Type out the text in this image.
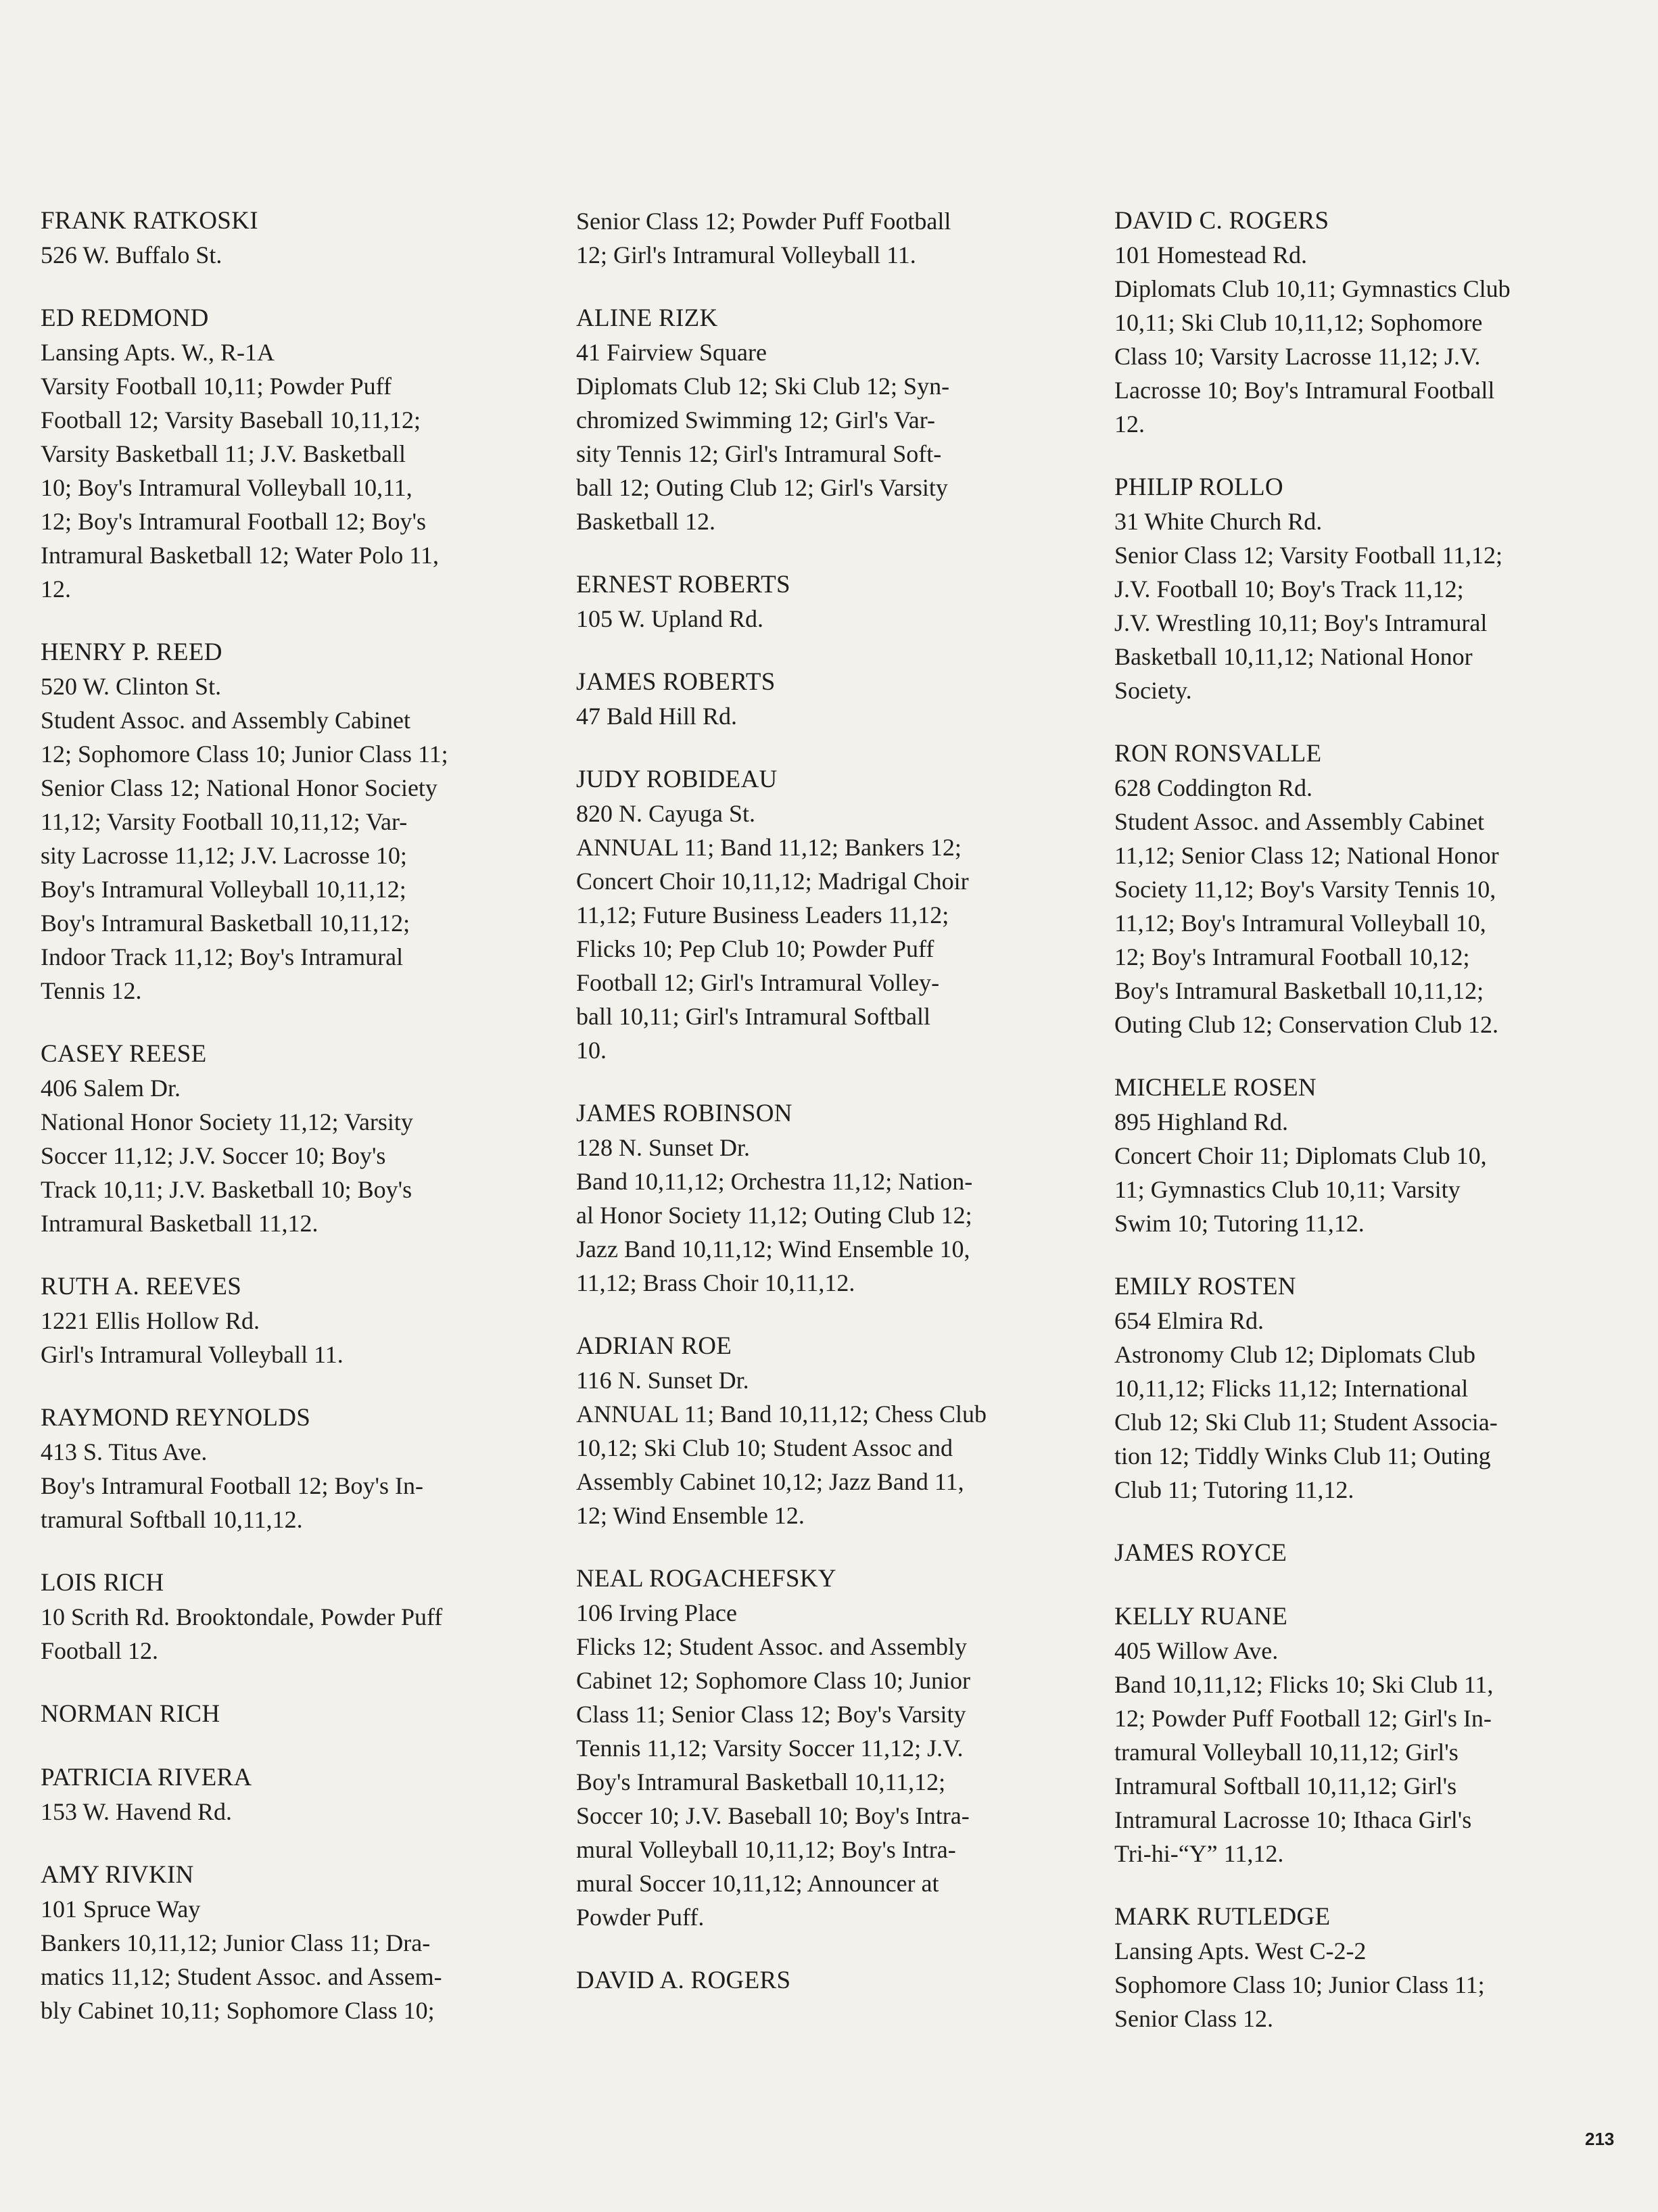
FRANK RATKOSKI

526 W. Buffalo St.

ED REDMOND

Lansing Apts. W., R-1A

Varsity Football 10,11; Powder Puff
Football 12; Varsity Baseball 10,11,12;
Varsity Basketball 11; J.V. Basketball
10; Boy's Intramural Volleyball 10,11,
12; Boy's Intramural Football 12; Boy's
Intramural Basketball 12; Water Polo 11,
12.

HENRY P. REED

520 W. Clinton St.

Student Assoc. and Assembly Cabinet
12; Sophomore Class 10; Junior Class 11;
Senior Class 12; National Honor Society
11,12; Varsity Football 10,11,12; Var-
sity Lacrosse 11,12; J.V. Lacrosse 10;
Boy's Intramural Volleyball 10,11,12;
Boy's Intramural Basketball 10,11,12;
Indoor Track 11,12; Boy's Intramural
Tennis 12.

CASEY REESE

406 Salem Dr.

National Honor Society 11,12; Varsity
Soccer 11,12; J.V. Soccer 10; Boy's
Track 10,11; J.V. Basketball 10; Boy's
Intramural Basketball 11,12.

RUTH A. REEVES

1221 Ellis Hollow Rd.

Girl's Intramural Volleyball 11.

RAYMOND REYNOLDS

413 S. Titus Ave.

Boy's Intramural Football 12; Boy's In-
tramural Softball 10,11,12.

LOIS RICH

10 Scrith Rd. Brooktondale, Powder Puff
Football 12.

NORMAN RICH

PATRICIA RIVERA

153 W. Havend Rd.

AMY RIVKIN

101 Spruce Way

Bankers 10,11,12; Junior Class 11; Dra-
matics 11,12; Student Assoc. and Assem-
bly Cabinet 10,11; Sophomore Class 10;

Senior Class 12; Powder Puff Football
12; Girl's Intramural Volleyball 11.

ALINE RIZK

41 Fairview Square

Diplomats Club 12; Ski Club 12; Syn-
chromized Swimming 12; Girl's Var-
sity Tennis 12; Girl's Intramural Soft-
ball 12; Outing Club 12; Girl's Varsity
Basketball 12.

ERNEST ROBERTS

105 W. Upland Rd.

JAMES ROBERTS

47 Bald Hill Rd.

JUDY ROBIDEAU

820 N. Cayuga St.

ANNUAL 11; Band 11,12; Bankers 12;
Concert Choir 10,11,12; Madrigal Choir
11,12; Future Business Leaders 11,12;
Flicks 10; Pep Club 10; Powder Puff
Football 12; Girl's Intramural Volley-
ball 10,11; Girl's Intramural Softball
10.

JAMES ROBINSON

128 N. Sunset Dr.

Band 10,11,12; Orchestra 11,12; Nation-
al Honor Society 11,12; Outing Club 12;
Jazz Band 10,11,12; Wind Ensemble 10,
11,12; Brass Choir 10,11,12.

ADRIAN ROE

116 N. Sunset Dr.

ANNUAL 11; Band 10,11,12; Chess Club
10,12; Ski Club 10; Student Assoc and
Assembly Cabinet 10,12; Jazz Band 11,
12; Wind Ensemble 12.

NEAL ROGACHEFSKY

106 Irving Place

Flicks 12; Student Assoc. and Assembly
Cabinet 12; Sophomore Class 10; Junior
Class 11; Senior Class 12; Boy's Varsity
Tennis 11,12; Varsity Soccer 11,12; J.V.
Boy's Intramural Basketball 10,11,12;
Soccer 10; J.V. Baseball 10; Boy's Intra-
mural Volleyball 10,11,12; Boy's Intra-
mural Soccer 10,11,12; Announcer at
Powder Puff.

DAVID A. ROGERS

DAVID C. ROGERS

101 Homestead Rd.

Diplomats Club 10,11; Gymnastics Club
10,11; Ski Club 10,11,12; Sophomore
Class 10; Varsity Lacrosse 11,12; J.V.
Lacrosse 10; Boy's Intramural Football
12.

PHILIP ROLLO

31 White Church Rd.

Senior Class 12; Varsity Football 11,12;
J.V. Football 10; Boy's Track 11,12;
J.V. Wrestling 10,11; Boy's Intramural
Basketball 10,11,12; National Honor
Society.

RON RONSVALLE

628 Coddington Rd.

Student Assoc. and Assembly Cabinet
11,12; Senior Class 12; National Honor
Society 11,12; Boy's Varsity Tennis 10,
11,12; Boy's Intramural Volleyball 10,
12; Boy's Intramural Football 10,12;
Boy's Intramural Basketball 10,11,12;
Outing Club 12; Conservation Club 12.

MICHELE ROSEN

895 Highland Rd.

Concert Choir 11; Diplomats Club 10,
11; Gymnastics Club 10,11; Varsity
Swim 10; Tutoring 11,12.

EMILY ROSTEN

654 Elmira Rd.

Astronomy Club 12; Diplomats Club
10,11,12; Flicks 11,12; International
Club 12; Ski Club 11; Student Associa-
tion 12; Tiddly Winks Club 11; Outing
Club 11; Tutoring 11,12.

JAMES ROYCE

KELLY RUANE

405 Willow Ave.

Band 10,11,12; Flicks 10; Ski Club 11,
12; Powder Puff Football 12; Girl's In-
tramural Volleyball 10,11,12; Girl's
Intramural Softball 10,11,12; Girl's
Intramural Lacrosse 10; Ithaca Girl's
Tri-hi-“Y” 11,12.

MARK RUTLEDGE

Lansing Apts. West C-2-2

Sophomore Class 10; Junior Class 11;
Senior Class 12.

213
